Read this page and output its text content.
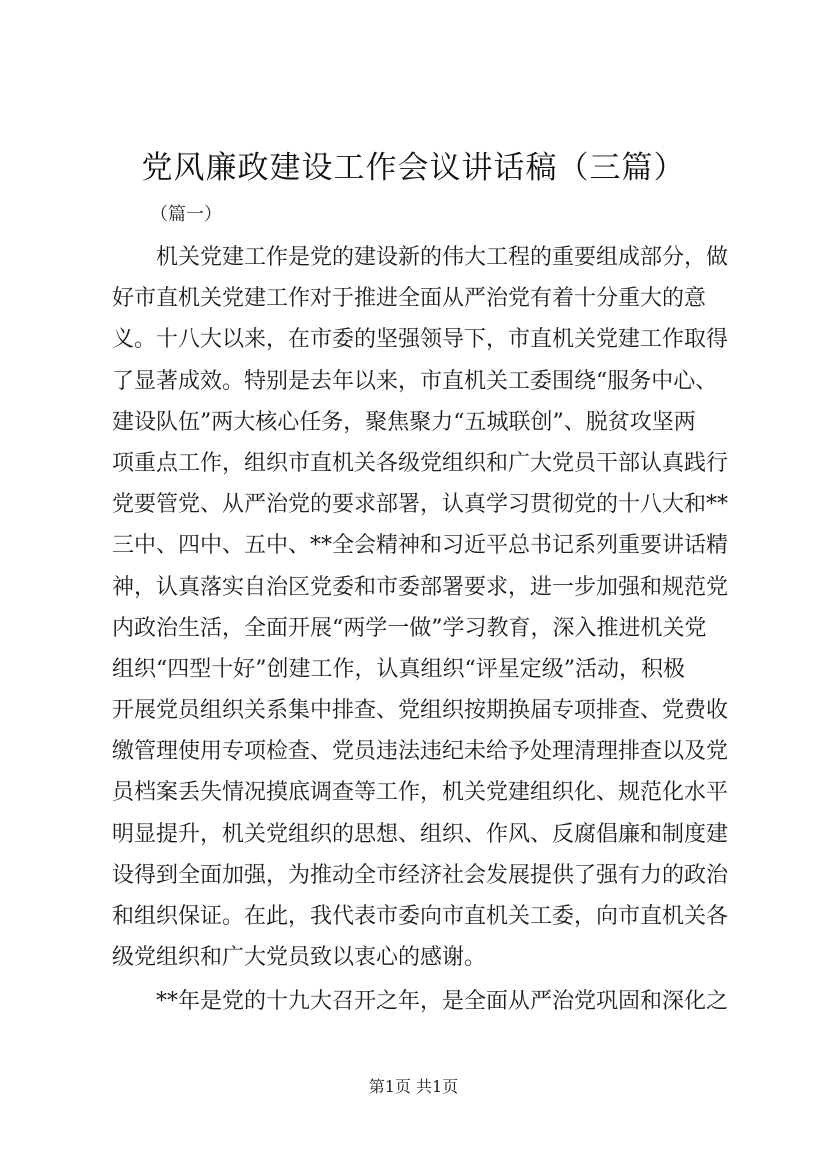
党风廉政建设工作会议讲话稿（三篇）
（篇一）
机关党建工作是党的建设新的伟大工程的重要组成部分，做
好市直机关党建工作对于推进全面从严治党有着十分重大的意
义。十八大以来，在市委的坚强领导下，市直机关党建工作取得
了显著成效。特别是去年以来，市直机关工委围绕“服务中心、
建设队伍”两大核心任务，聚焦聚力“五城联创”、脱贫攻坚两
项重点工作，组织市直机关各级党组织和广大党员干部认真践行
党要管党、从严治党的要求部署，认真学习贯彻党的十八大和**
三中、四中、五中、**全会精神和习近平总书记系列重要讲话精
神，认真落实自治区党委和市委部署要求，进一步加强和规范党
内政治生活，全面开展“两学一做”学习教育，深入推进机关党
组织“四型十好”创建工作，认真组织“评星定级”活动，积极
开展党员组织关系集中排查、党组织按期换届专项排查、党费收
缴管理使用专项检查、党员违法违纪未给予处理清理排查以及党
员档案丢失情况摸底调查等工作，机关党建组织化、规范化水平
明显提升，机关党组织的思想、组织、作风、反腐倡廉和制度建
设得到全面加强，为推动全市经济社会发展提供了强有力的政治
和组织保证。在此，我代表市委向市直机关工委，向市直机关各
级党组织和广大党员致以衷心的感谢。
**年是党的十九大召开之年，是全面从严治党巩固和深化之
第1页 共1页
